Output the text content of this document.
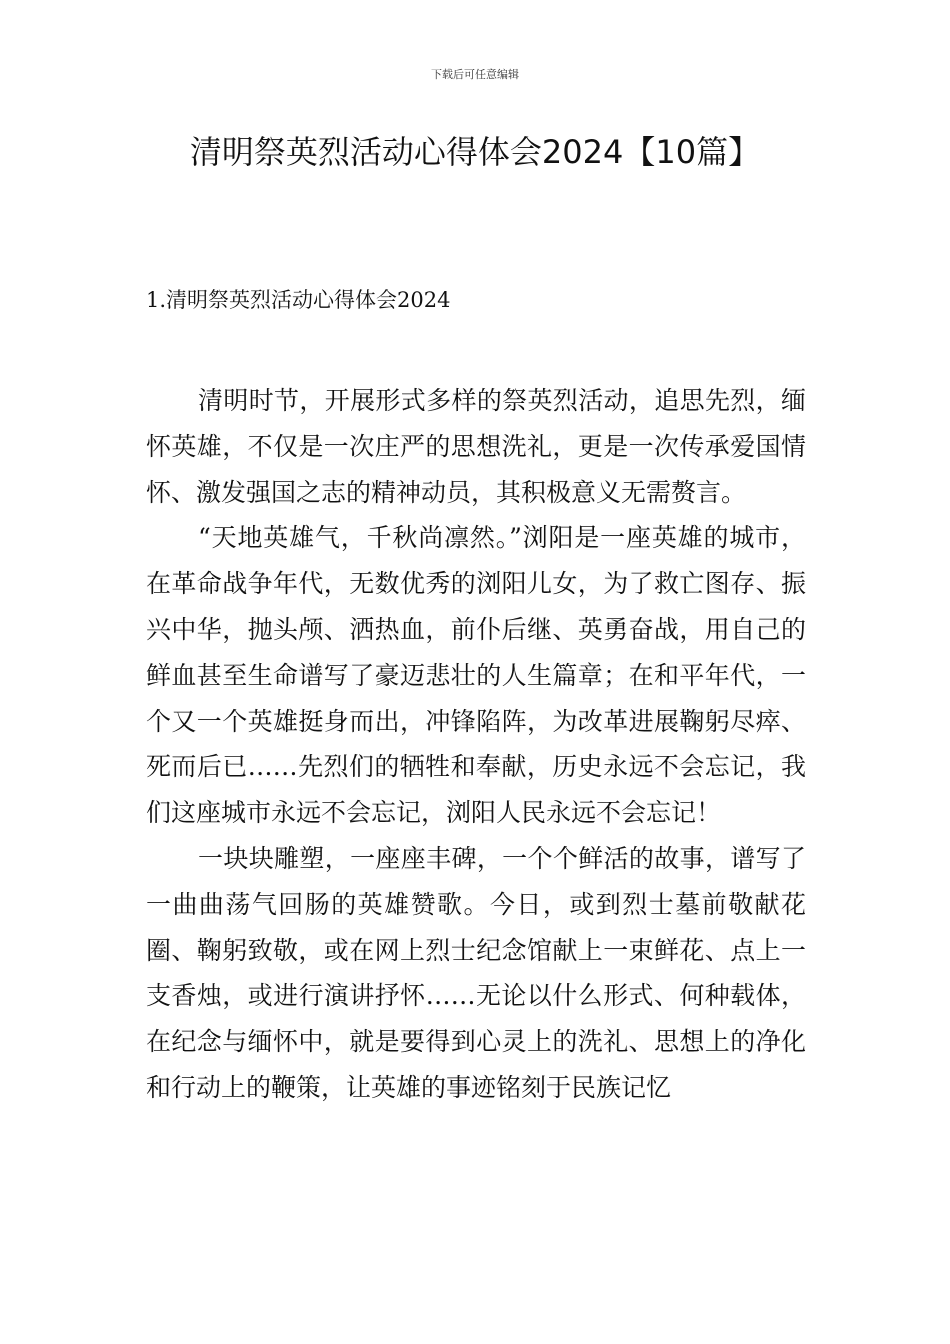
下载后可任意编辑
清明祭英烈活动心得体会2024【10篇】
1.清明祭英烈活动心得体会2024

清明时节，开展形式多样的祭英烈活动，追思先烈，缅怀英雄，不仅是一次庄严的思想洗礼，更是一次传承爱国情怀、激发强国之志的精神动员，其积极意义无需赘言。

“天地英雄气，千秋尚凛然。”浏阳是一座英雄的城市，在革命战争年代，无数优秀的浏阳儿女，为了救亡图存、振兴中华，抛头颅、洒热血，前仆后继、英勇奋战，用自己的鲜血甚至生命谱写了豪迈悲壮的人生篇章；在和平年代，一个又一个英雄挺身而出，冲锋陷阵，为改革进展鞠躬尽瘁、死而后已……先烈们的牺牲和奉献，历史永远不会忘记，我们这座城市永远不会忘记，浏阳人民永远不会忘记！

一块块雕塑，一座座丰碑，一个个鲜活的故事，谱写了一曲曲荡气回肠的英雄赞歌。今日，或到烈士墓前敬献花圈、鞠躬致敬，或在网上烈士纪念馆献上一束鲜花、点上一支香烛，或进行演讲抒怀……无论以什么形式、何种载体，在纪念与缅怀中，就是要得到心灵上的洗礼、思想上的净化和行动上的鞭策，让英雄的事迹铭刻于民族记忆
